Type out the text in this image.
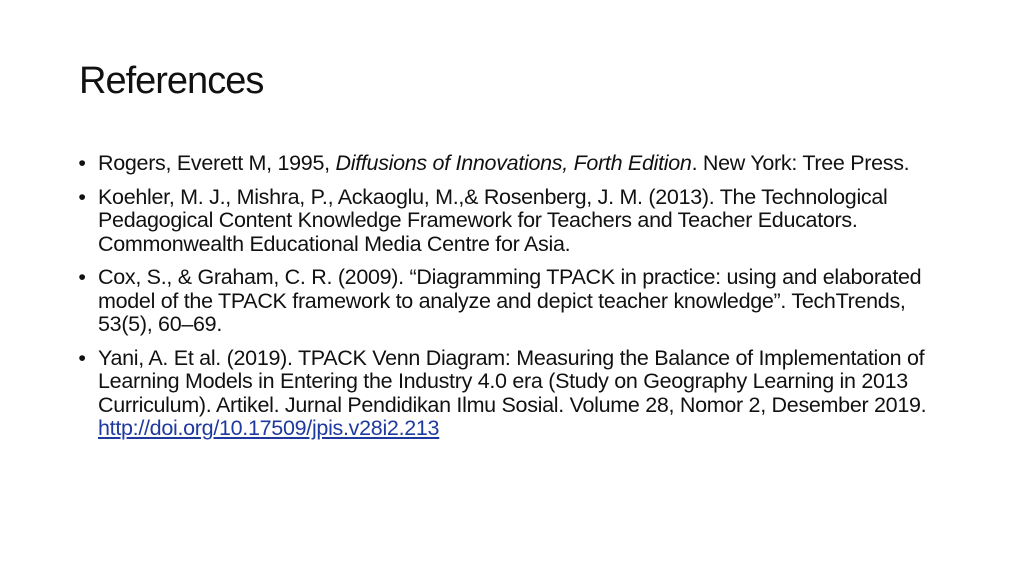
References
• Rogers, Everett M, 1995, Diffusions of Innovations, Forth Edition. New York: Tree Press.
• Koehler, M. J., Mishra, P., Ackaoglu, M.,& Rosenberg, J. M. (2013). The Technological Pedagogical Content Knowledge Framework for Teachers and Teacher Educators. Commonwealth Educational Media Centre for Asia.
• Cox, S., & Graham, C. R. (2009). “Diagramming TPACK in practice: using and elaborated model of the TPACK framework to analyze and depict teacher knowledge”. TechTrends, 53(5), 60–69.
• Yani, A. Et al. (2019). TPACK Venn Diagram: Measuring the Balance of Implementation of Learning Models in Entering the Industry 4.0 era (Study on Geography Learning in 2013 Curriculum). Artikel. Jurnal Pendidikan Ilmu Sosial. Volume 28, Nomor 2, Desember 2019.
http://doi.org/10.17509/jpis.v28i2.213
